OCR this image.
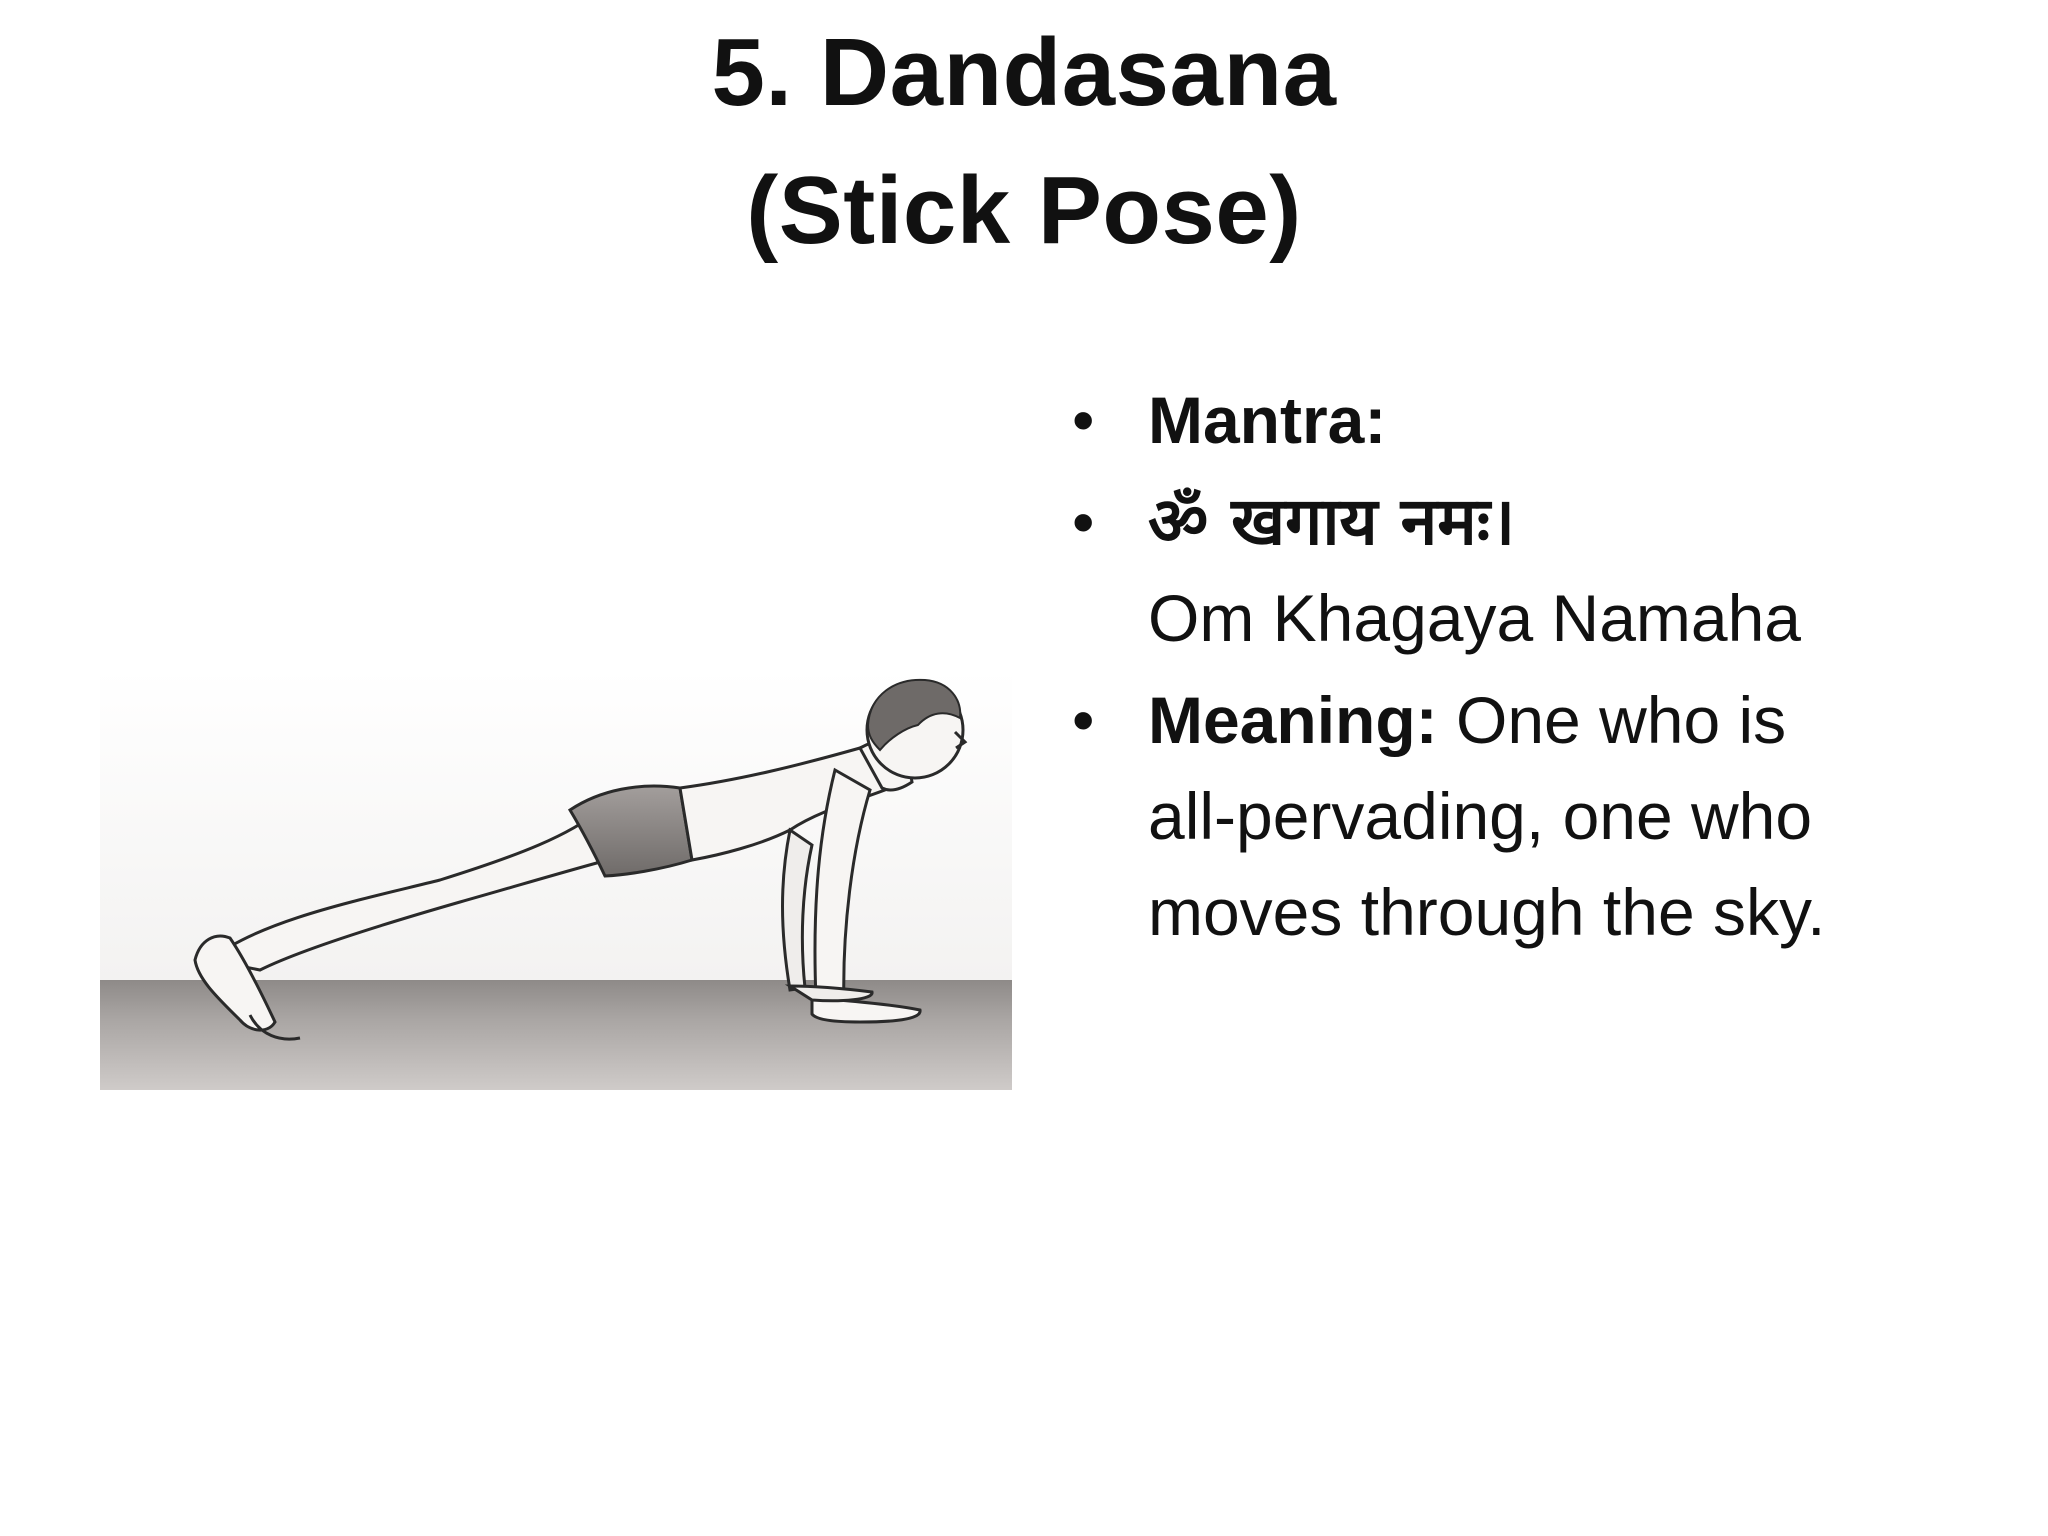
5. Dandasana
(Stick Pose)
• Mantra:
• ॐ खगाय नमः।
Om Khagaya Namaha
• Meaning: One who is
all-pervading, one who
moves through the sky.
